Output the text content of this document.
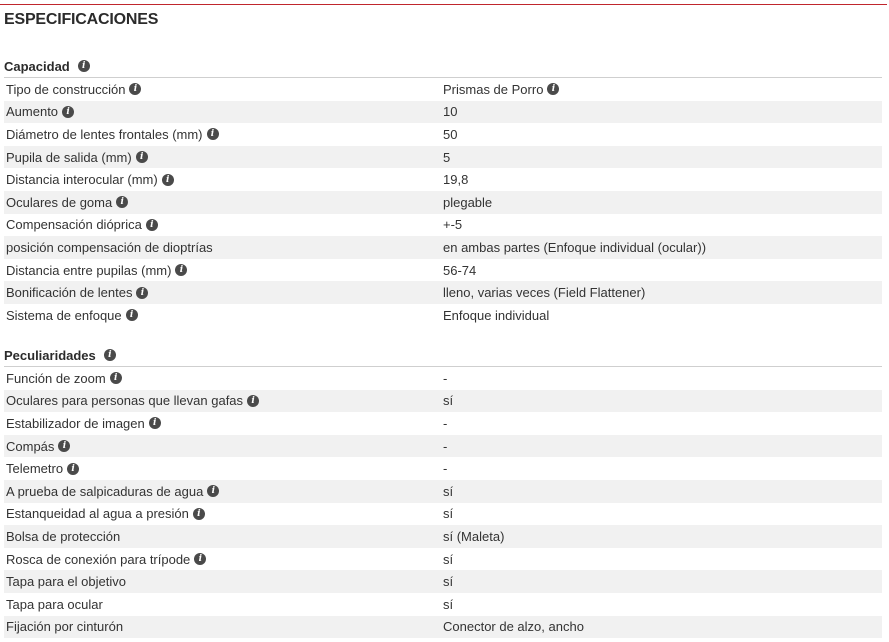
ESPECIFICACIONES
Capacidad	i
Tipo de construcción i	Prismas de Porro i
Aumento i	10
Diámetro de lentes frontales (mm) i	50
Pupila de salida (mm) i	5
Distancia interocular (mm) i	19,8
Oculares de goma i	plegable
Compensación dióprica i	+-5
posición compensación de dioptrías	en ambas partes (Enfoque individual (ocular))
Distancia entre pupilas (mm) i	56-74
Bonificación de lentes i	lleno, varias veces (Field Flattener)
Sistema de enfoque i	Enfoque individual
Peculiaridades	i
Función de zoom i	-
Oculares para personas que llevan gafas i	sí
Estabilizador de imagen i	-
Compás i	-
Telemetro i	-
A prueba de salpicaduras de agua i	sí
Estanqueidad al agua a presión i	sí
Bolsa de protección	sí (Maleta)
Rosca de conexión para trípode i	sí
Tapa para el objetivo	sí
Tapa para ocular	sí
Fijación por cinturón	Conector de alzo, ancho
